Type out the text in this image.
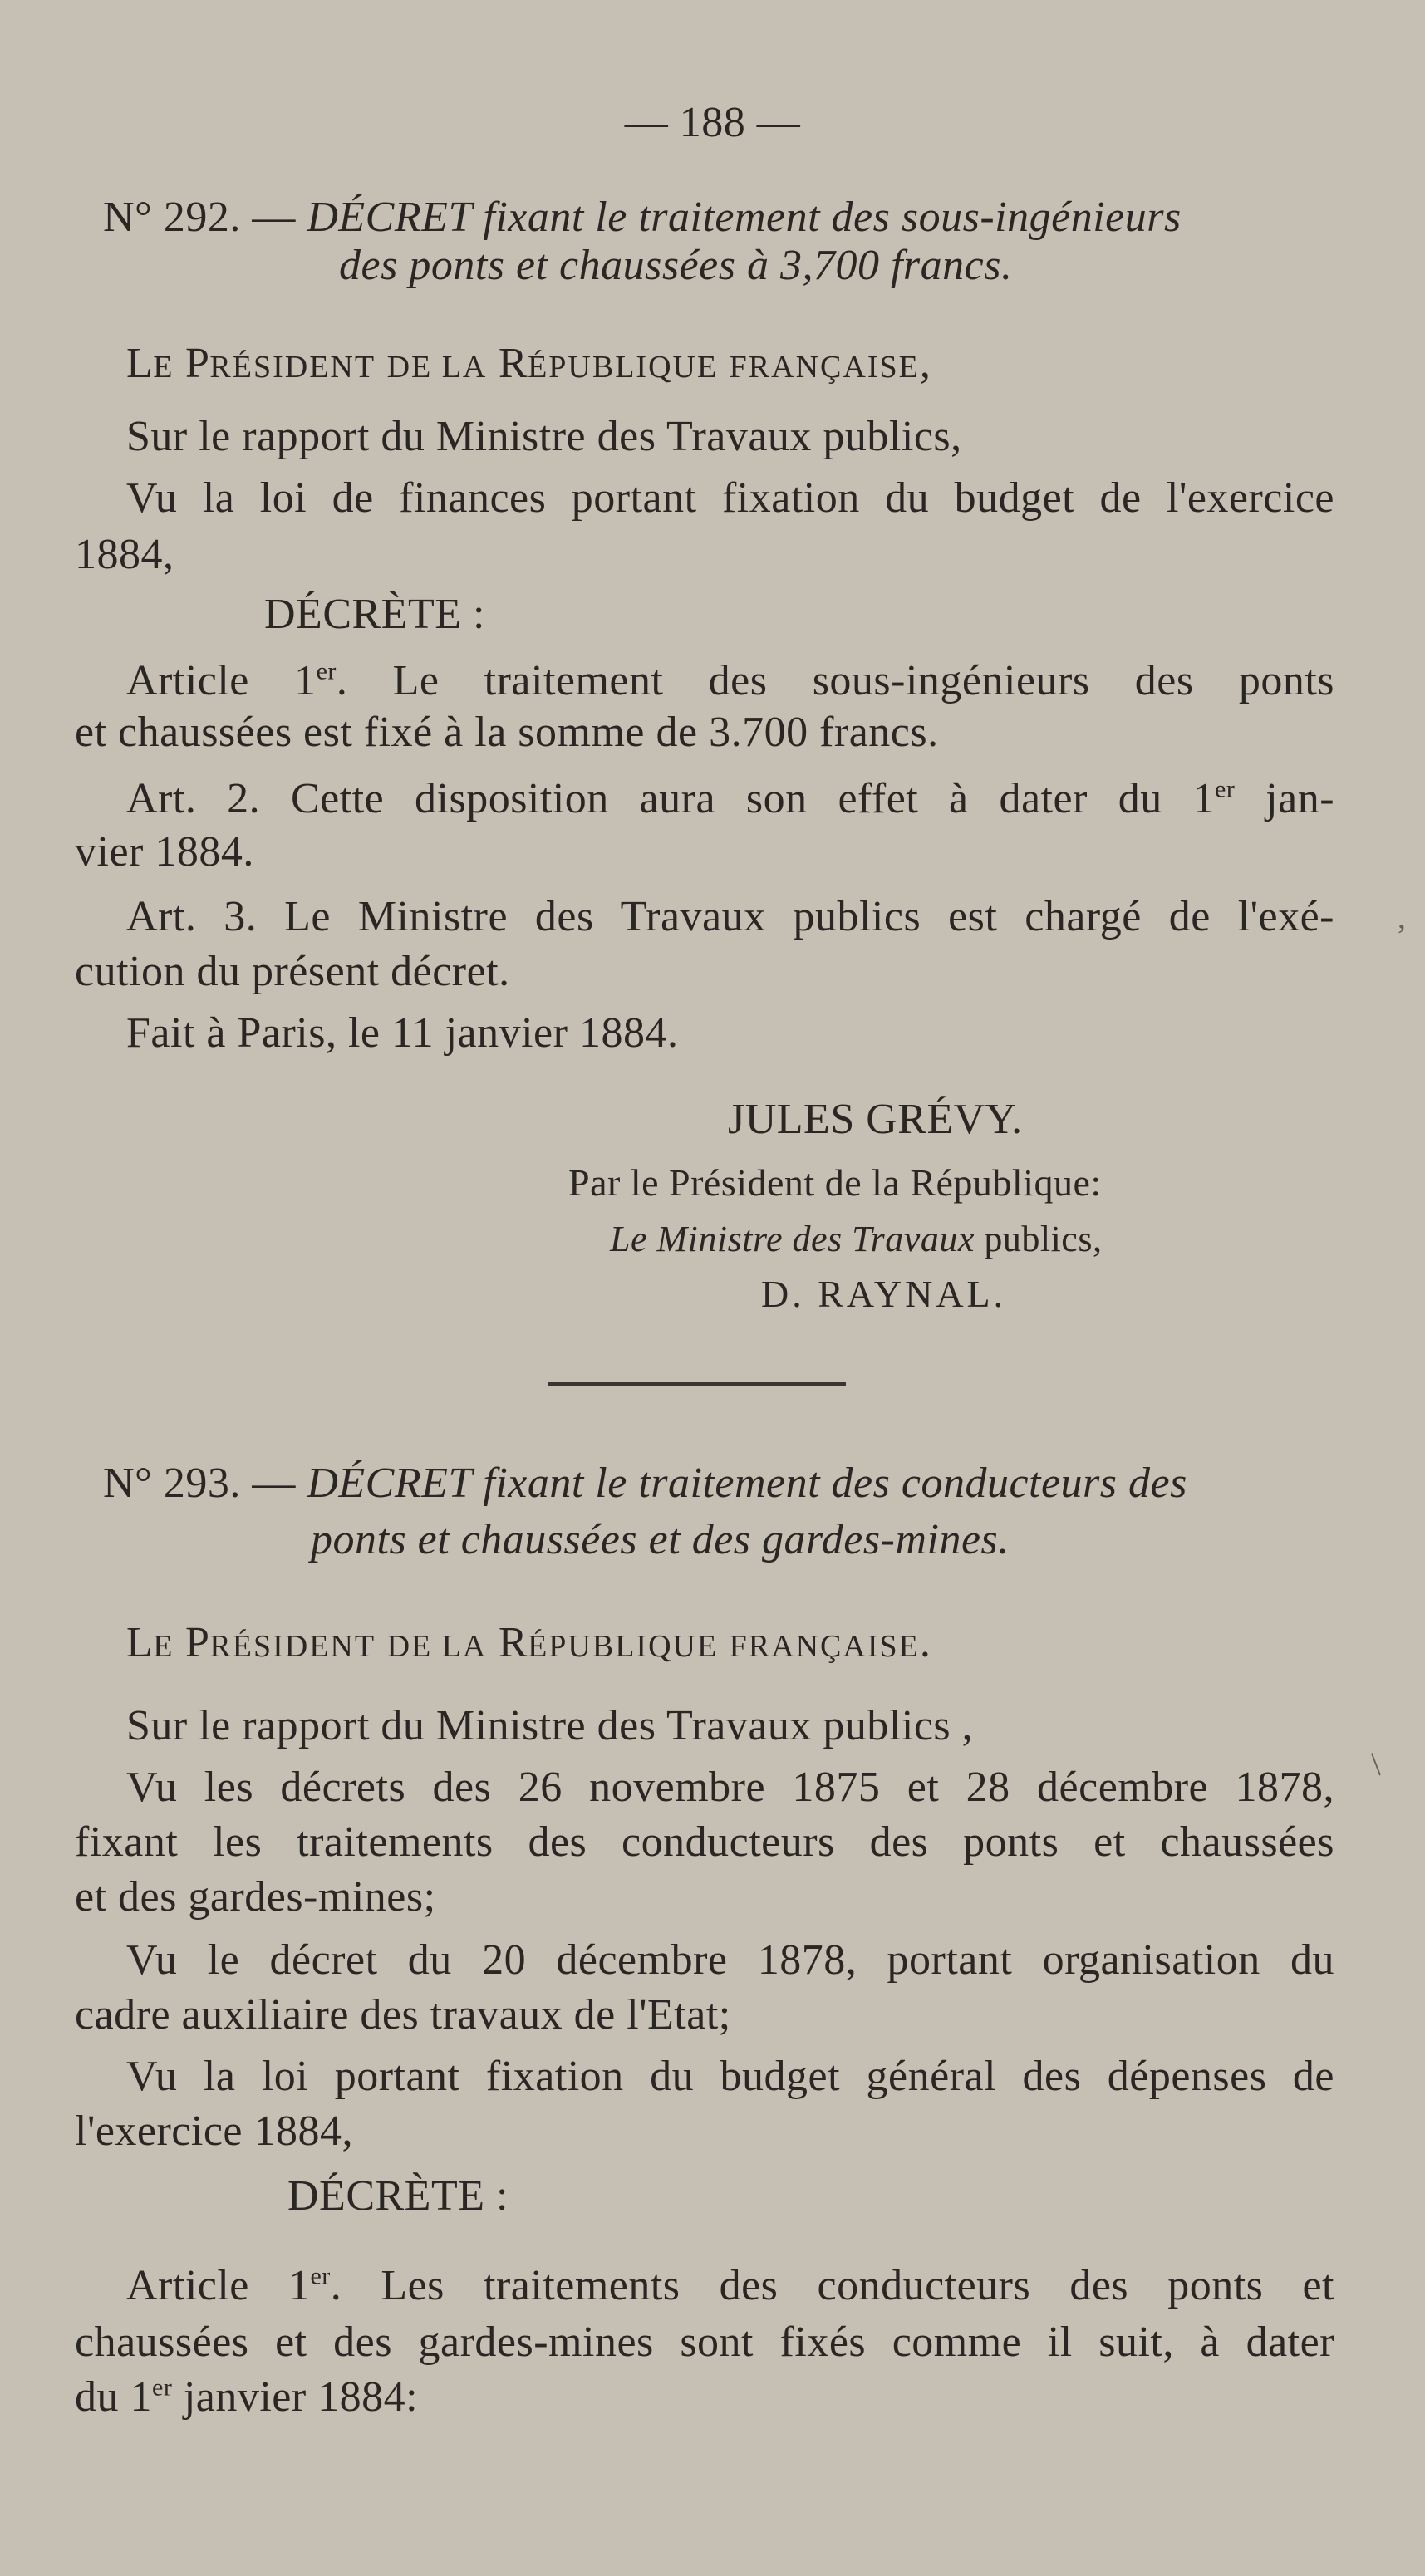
— 188 —
N° 292. — DÉCRET fixant le traitement des sous-ingénieurs
des ponts et chaussées à 3,700 francs.
LE PRÉSIDENT DE LA RÉPUBLIQUE FRANÇAISE,
Sur le rapport du Ministre des Travaux publics,
Vu la loi de finances portant fixation du budget de l'exercice
1884,
DÉCRÈTE :
Article 1er. Le traitement des sous-ingénieurs des ponts
et chaussées est fixé à la somme de 3.700 francs.
Art. 2. Cette disposition aura son effet à dater du 1er jan-
vier 1884.
Art. 3. Le Ministre des Travaux publics est chargé de l'exé-
cution du présent décret.
Fait à Paris, le 11 janvier 1884.
JULES GRÉVY.
Par le Président de la République:
Le Ministre des Travaux publics,
D. RAYNAL.
N° 293. — DÉCRET fixant le traitement des conducteurs des
ponts et chaussées et des gardes-mines.
LE PRÉSIDENT DE LA RÉPUBLIQUE FRANÇAISE.
Sur le rapport du Ministre des Travaux publics ,
Vu les décrets des 26 novembre 1875 et 28 décembre 1878,
fixant les traitements des conducteurs des ponts et chaussées
et des gardes-mines;
Vu le décret du 20 décembre 1878, portant organisation du
cadre auxiliaire des travaux de l'Etat;
Vu la loi portant fixation du budget général des dépenses de
l'exercice 1884,
DÉCRÈTE :
Article 1er. Les traitements des conducteurs des ponts et
chaussées et des gardes-mines sont fixés comme il suit, à dater
du 1er janvier 1884:
‚
/
